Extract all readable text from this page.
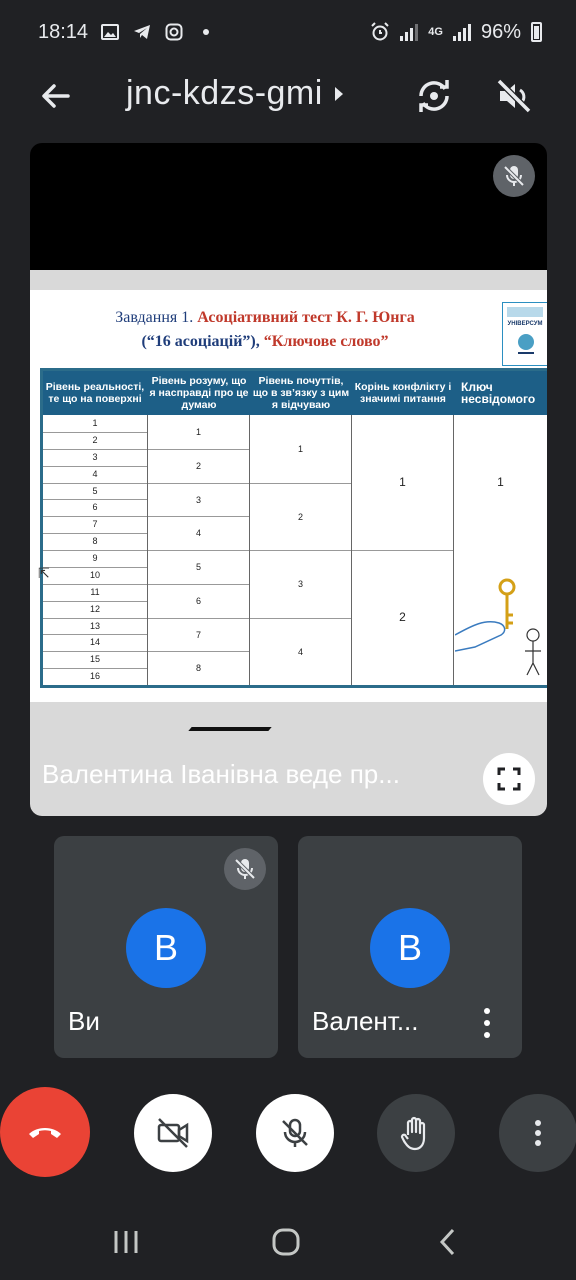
18:14	4G 96%
jnc-kdzs-gmi
Завдання 1. Асоціативний тест К. Г. Юнга
(“16 асоціацій”), “Ключове слово”
УНІВЕРСУМ
Рівень реальності, те що на поверхні
Рівень розуму, що я насправді про це думаю
Рівень почуттів, що в зв’язку з цим я відчуваю
Корінь конфлікту і значимі питання
Ключ несвідомого
1
2
3
4
5
6
7
8
9
10
11
12
13
14
15
16
1
2
3
4
5
6
7
8
1
2
3
4
1
2
1
⇱
Валентина Іванівна веде пр...
В
Ви
В
Валент...
